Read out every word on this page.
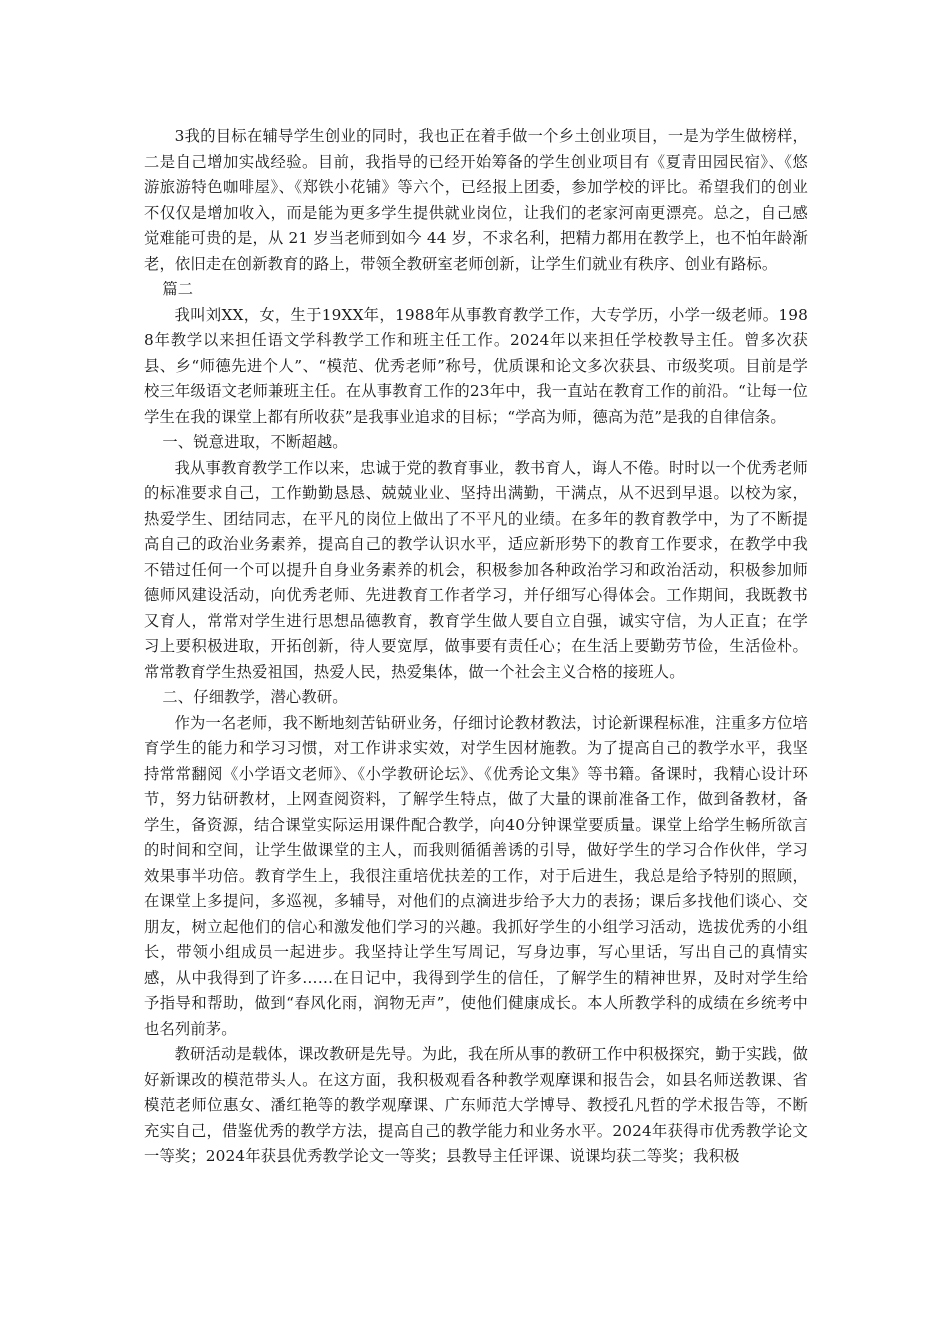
3我的目标在辅导学生创业的同时，我也正在着手做一个乡土创业项目，一是为学生做榜样，二是自己增加实战经验。目前，我指导的已经开始筹备的学生创业项目有《夏青田园民宿》、《悠游旅游特色咖啡屋》、《郑铁小花铺》等六个，已经报上团委，参加学校的评比。希望我们的创业不仅仅是增加收入，而是能为更多学生提供就业岗位，让我们的老家河南更漂亮。总之，自己感觉难能可贵的是，从 21 岁当老师到如今 44 岁，不求名利，把精力都用在教学上，也不怕年龄渐老，依旧走在创新教育的路上，带领全教研室老师创新，让学生们就业有秩序、创业有路标。

篇二

我叫刘XX，女，生于19XX年，1988年从事教育教学工作，大专学历，小学一级老师。1988年教学以来担任语文学科教学工作和班主任工作。2024年以来担任学校教导主任。曾多次获县、乡“师德先进个人”、“模范、优秀老师”称号，优质课和论文多次获县、市级奖项。目前是学校三年级语文老师兼班主任。在从事教育工作的23年中，我一直站在教育工作的前沿。“让每一位学生在我的课堂上都有所收获”是我事业追求的目标；“学高为师，德高为范”是我的自律信条。

一、锐意进取，不断超越。

我从事教育教学工作以来，忠诚于党的教育事业，教书育人，诲人不倦。时时以一个优秀老师的标准要求自己，工作勤勤恳恳、兢兢业业、坚持出满勤，干满点，从不迟到早退。以校为家，热爱学生、团结同志，在平凡的岗位上做出了不平凡的业绩。在多年的教育教学中，为了不断提高自己的政治业务素养，提高自己的教学认识水平，适应新形势下的教育工作要求，在教学中我不错过任何一个可以提升自身业务素养的机会，积极参加各种政治学习和政治活动，积极参加师德师风建设活动，向优秀老师、先进教育工作者学习，并仔细写心得体会。工作期间，我既教书又育人，常常对学生进行思想品德教育，教育学生做人要自立自强，诚实守信，为人正直；在学习上要积极进取，开拓创新，待人要宽厚，做事要有责任心；在生活上要勤劳节俭，生活俭朴。常常教育学生热爱祖国，热爱人民，热爱集体，做一个社会主义合格的接班人。

二、仔细教学，潜心教研。

作为一名老师，我不断地刻苦钻研业务，仔细讨论教材教法，讨论新课程标准，注重多方位培育学生的能力和学习习惯，对工作讲求实效，对学生因材施教。为了提高自己的教学水平，我坚持常常翻阅《小学语文老师》、《小学教研论坛》、《优秀论文集》等书籍。备课时，我精心设计环节，努力钻研教材，上网查阅资料，了解学生特点，做了大量的课前准备工作，做到备教材，备学生，备资源，结合课堂实际运用课件配合教学，向40分钟课堂要质量。课堂上给学生畅所欲言的时间和空间，让学生做课堂的主人，而我则循循善诱的引导，做好学生的学习合作伙伴，学习效果事半功倍。教育学生上，我很注重培优扶差的工作，对于后进生，我总是给予特别的照顾，在课堂上多提问，多巡视，多辅导，对他们的点滴进步给予大力的表扬；课后多找他们谈心、交朋友，树立起他们的信心和激发他们学习的兴趣。我抓好学生的小组学习活动，选拔优秀的小组长，带领小组成员一起进步。我坚持让学生写周记，写身边事，写心里话，写出自己的真情实感，从中我得到了许多……在日记中，我得到学生的信任，了解学生的精神世界，及时对学生给予指导和帮助，做到“春风化雨，润物无声”，使他们健康成长。本人所教学科的成绩在乡统考中也名列前茅。

教研活动是载体，课改教研是先导。为此，我在所从事的教研工作中积极探究，勤于实践，做好新课改的模范带头人。在这方面，我积极观看各种教学观摩课和报告会，如县名师送教课、省模范老师位惠女、潘红艳等的教学观摩课、广东师范大学博导、教授孔凡哲的学术报告等，不断充实自己，借鉴优秀的教学方法，提高自己的教学能力和业务水平。2024年获得市优秀教学论文一等奖；2024年获县优秀教学论文一等奖；县教导主任评课、说课均获二等奖；我积极
